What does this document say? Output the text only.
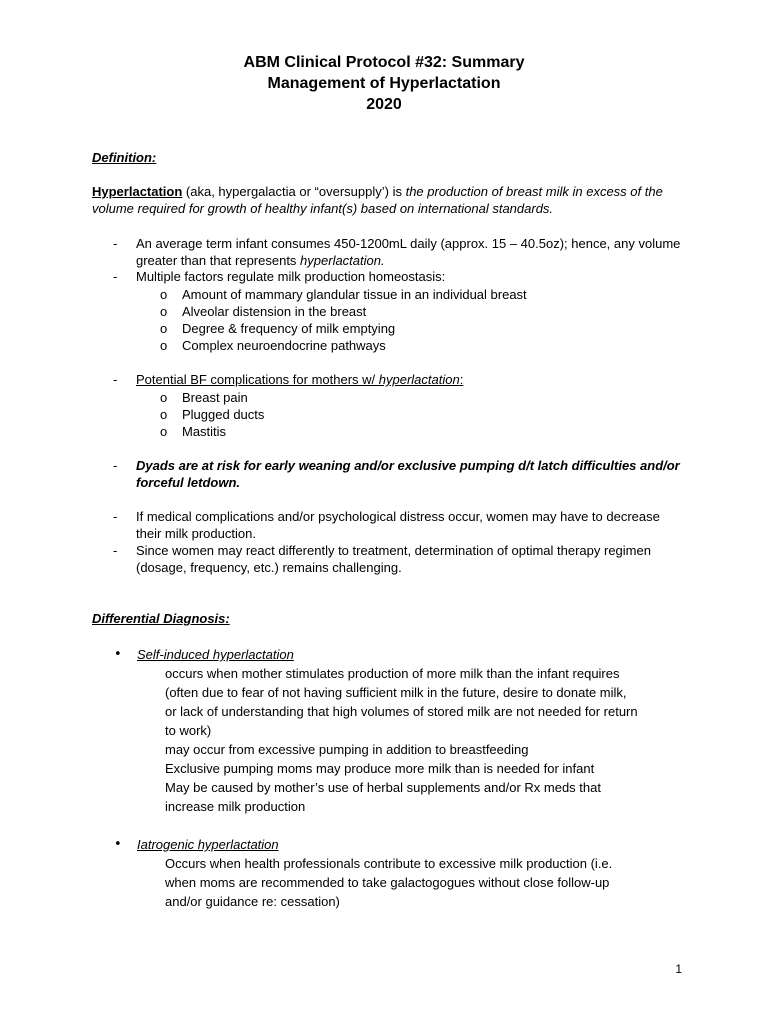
ABM Clinical Protocol #32: Summary
Management of Hyperlactation
2020
Definition:
Hyperlactation (aka, hypergalactia or “oversupply’) is the production of breast milk in excess of the volume required for growth of healthy infant(s) based on international standards.
- An average term infant consumes 450-1200mL daily (approx. 15 – 40.5oz); hence, any volume greater than that represents hyperlactation.
- Multiple factors regulate milk production homeostasis:
o Amount of mammary glandular tissue in an individual breast
o Alveolar distension in the breast
o Degree & frequency of milk emptying
o Complex neuroendocrine pathways
- Potential BF complications for mothers w/ hyperlactation:
o Breast pain
o Plugged ducts
o Mastitis
- Dyads are at risk for early weaning and/or exclusive pumping d/t latch difficulties and/or forceful letdown.
- If medical complications and/or psychological distress occur, women may have to decrease their milk production.
- Since women may react differently to treatment, determination of optimal therapy regimen (dosage, frequency, etc.) remains challenging.
Differential Diagnosis:
• Self-induced hyperlactation
occurs when mother stimulates production of more milk than the infant requires
(often due to fear of not having sufficient milk in the future, desire to donate milk,
or lack of understanding that high volumes of stored milk are not needed for return
to work)
may occur from excessive pumping in addition to breastfeeding
Exclusive pumping moms may produce more milk than is needed for infant
May be caused by mother’s use of herbal supplements and/or Rx meds that
increase milk production
• Iatrogenic hyperlactation
Occurs when health professionals contribute to excessive milk production (i.e.
when moms are recommended to take galactogogues without close follow-up
and/or guidance re: cessation)
1
